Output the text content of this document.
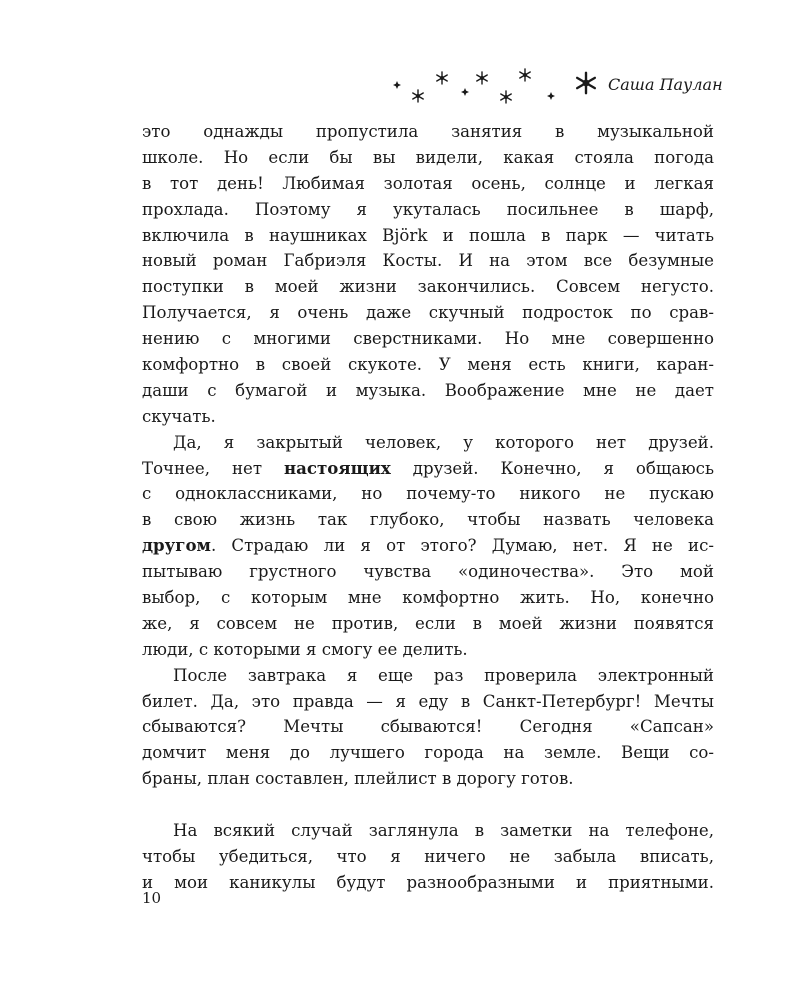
Саша Паулан

это однажды пропустила занятия в музыкальной
школе. Но если бы вы видели, какая стояла погода
в тот день! Любимая золотая осень, солнце и легкая
прохлада. Поэтому я укуталась посильнее в шарф,
включила в наушниках Björk и пошла в парк — читать
новый роман Габриэля Косты. И на этом все безумные
поступки в моей жизни закончились. Совсем негусто.
Получается, я очень даже скучный подросток по срав-
нению с многими сверстниками. Но мне совершенно
комфортно в своей скукоте. У меня есть книги, каран-
даши с бумагой и музыка. Воображение мне не дает
скучать.

Да, я закрытый человек, у которого нет друзей.
Точнее, нет настоящих друзей. Конечно, я общаюсь
с одноклассниками, но почему-то никого не пускаю
в свою жизнь так глубоко, чтобы назвать человека
другом. Страдаю ли я от этого? Думаю, нет. Я не ис-
пытываю грустного чувства «одиночества». Это мой
выбор, с которым мне комфортно жить. Но, конечно
же, я совсем не против, если в моей жизни появятся
люди, с которыми я смогу ее делить.

После завтрака я еще раз проверила электронный
билет. Да, это правда — я еду в Санкт-Петербург! Мечты
сбываются? Мечты сбываются! Сегодня «Сапсан»
домчит меня до лучшего города на земле. Вещи со-
браны, план составлен, плейлист в дорогу готов.

На всякий случай заглянула в заметки на телефоне,
чтобы убедиться, что я ничего не забыла вписать,
и мои каникулы будут разнообразными и приятными.

10
